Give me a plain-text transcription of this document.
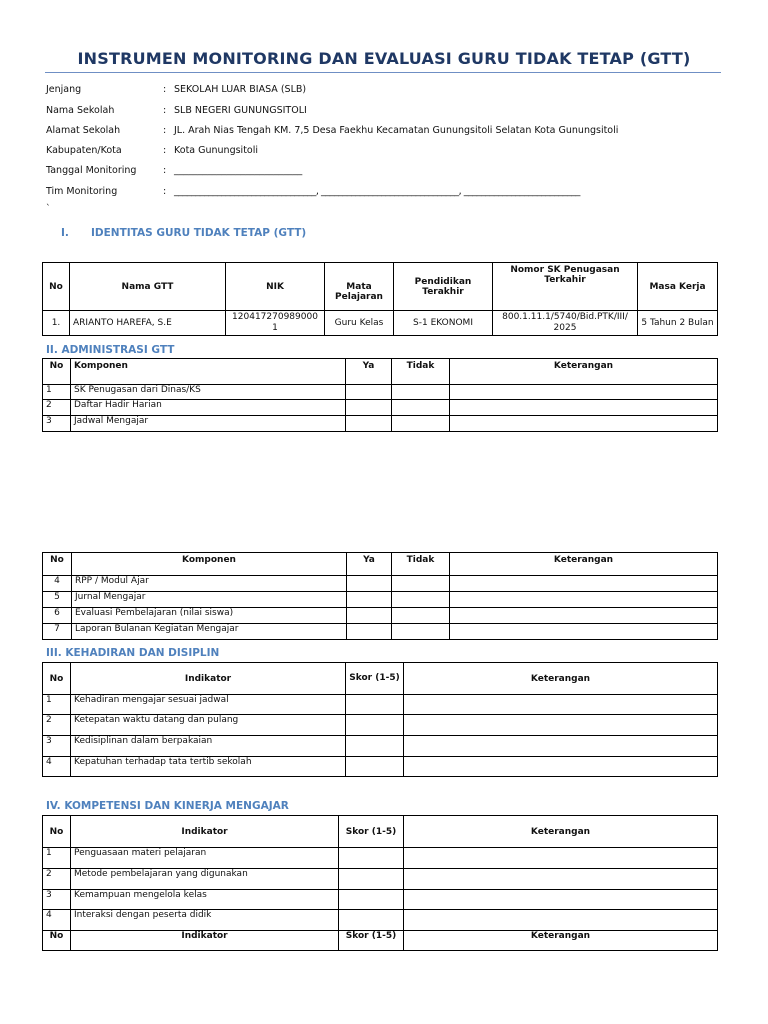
INSTRUMEN MONITORING DAN EVALUASI GURU TIDAK TETAP (GTT)
Jenjang	: SEKOLAH LUAR BIASA (SLB)
Nama Sekolah	: SLB NEGERI GUNUNGSITOLI
Alamat Sekolah	: JL. Arah Nias Tengah KM. 7,5 Desa Faekhu Kecamatan Gunungsitoli Selatan Kota Gunungsitoli
Kabupaten/Kota	: Kota Gunungsitoli
Tanggal Monitoring	: ___________________________
Tim Monitoring	: _________________________________, ________________________________, ___________________________
`
I. IDENTITAS GURU TIDAK TETAP (GTT)
No	Nama GTT	NIK	Mata Pelajaran	Pendidikan Terakhir	Nomor SK Penugasan Terkahir	Masa Kerja
1.	ARIANTO HAREFA, S.E	120417270989000 1	Guru Kelas	S-1 EKONOMI	800.1.11.1/5740/Bid.PTK/III/ 2025	5 Tahun 2 Bulan
II. ADMINISTRASI GTT
No	Komponen	Ya	Tidak	Keterangan
1	SK Penugasan dari Dinas/KS			
2	Daftar Hadir Harian			
3	Jadwal Mengajar			
No	Komponen	Ya	Tidak	Keterangan
4	RPP / Modul Ajar			
5	Jurnal Mengajar			
6	Evaluasi Pembelajaran (nilai siswa)			
7	Laporan Bulanan Kegiatan Mengajar			
III. KEHADIRAN DAN DISIPLIN
No	Indikator	Skor (1-5)	Keterangan
1	Kehadiran mengajar sesuai jadwal		
2	Ketepatan waktu datang dan pulang		
3	Kedisiplinan dalam berpakaian		
4	Kepatuhan terhadap tata tertib sekolah		
IV. KOMPETENSI DAN KINERJA MENGAJAR
No	Indikator	Skor (1-5)	Keterangan
1	Penguasaan materi pelajaran		
2	Metode pembelajaran yang digunakan		
3	Kemampuan mengelola kelas		
4	Interaksi dengan peserta didik		
No	Indikator	Skor (1-5)	Keterangan
